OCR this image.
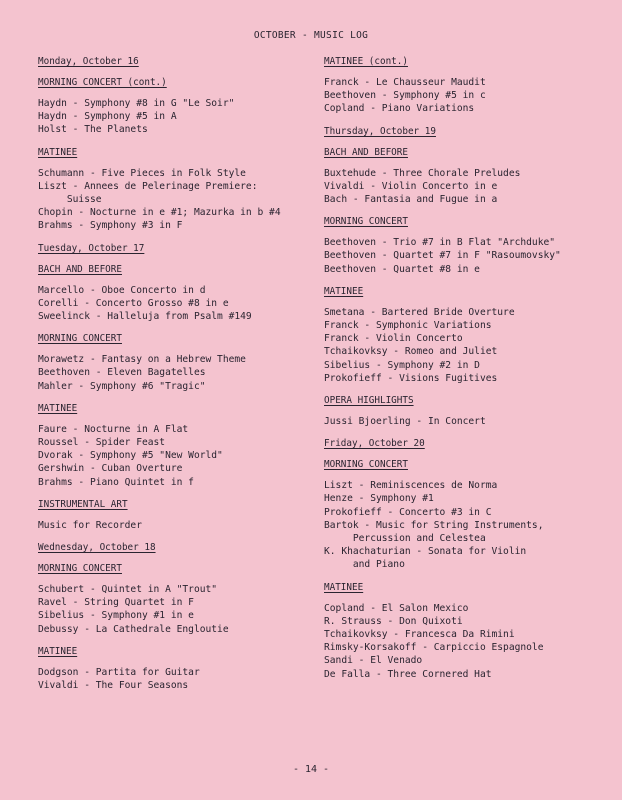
OCTOBER - MUSIC LOG
Monday, October 16
MORNING CONCERT (cont.)
Haydn - Symphony #8 in G "Le Soir"
Haydn - Symphony #5 in A
Holst - The Planets
MATINEE
Schumann - Five Pieces in Folk Style
Liszt - Annees de Pelerinage Premiere:
Suisse
Chopin - Nocturne in e #1; Mazurka in b #4
Brahms - Symphony #3 in F
Tuesday, October 17
BACH AND BEFORE
Marcello - Oboe Concerto in d
Corelli - Concerto Grosso #8 in e
Sweelinck - Halleluja from Psalm #149
MORNING CONCERT
Morawetz - Fantasy on a Hebrew Theme
Beethoven - Eleven Bagatelles
Mahler - Symphony #6 "Tragic"
MATINEE
Faure - Nocturne in A Flat
Roussel - Spider Feast
Dvorak - Symphony #5 "New World"
Gershwin - Cuban Overture
Brahms - Piano Quintet in f
INSTRUMENTAL ART
Music for Recorder
Wednesday, October 18
MORNING CONCERT
Schubert - Quintet in A "Trout"
Ravel - String Quartet in F
Sibelius - Symphony #1 in e
Debussy - La Cathedrale Engloutie
MATINEE
Dodgson - Partita for Guitar
Vivaldi - The Four Seasons
MATINEE (cont.)
Franck - Le Chausseur Maudit
Beethoven - Symphony #5 in c
Copland - Piano Variations
Thursday, October 19
BACH AND BEFORE
Buxtehude - Three Chorale Preludes
Vivaldi - Violin Concerto in e
Bach - Fantasia and Fugue in a
MORNING CONCERT
Beethoven - Trio #7 in B Flat "Archduke"
Beethoven - Quartet #7 in F "Rasoumovsky"
Beethoven - Quartet #8 in e
MATINEE
Smetana - Bartered Bride Overture
Franck - Symphonic Variations
Franck - Violin Concerto
Tchaikovksy - Romeo and Juliet
Sibelius - Symphony #2 in D
Prokofieff - Visions Fugitives
OPERA HIGHLIGHTS
Jussi Bjoerling - In Concert
Friday, October 20
MORNING CONCERT
Liszt - Reminiscences de Norma
Henze - Symphony #1
Prokofieff - Concerto #3 in C
Bartok - Music for String Instruments,
Percussion and Celestea
K. Khachaturian - Sonata for Violin
and Piano
MATINEE
Copland - El Salon Mexico
R. Strauss - Don Quixoti
Tchaikovksy - Francesca Da Rimini
Rimsky-Korsakoff - Carpiccio Espagnole
Sandi - El Venado
De Falla - Three Cornered Hat
- 14 -
